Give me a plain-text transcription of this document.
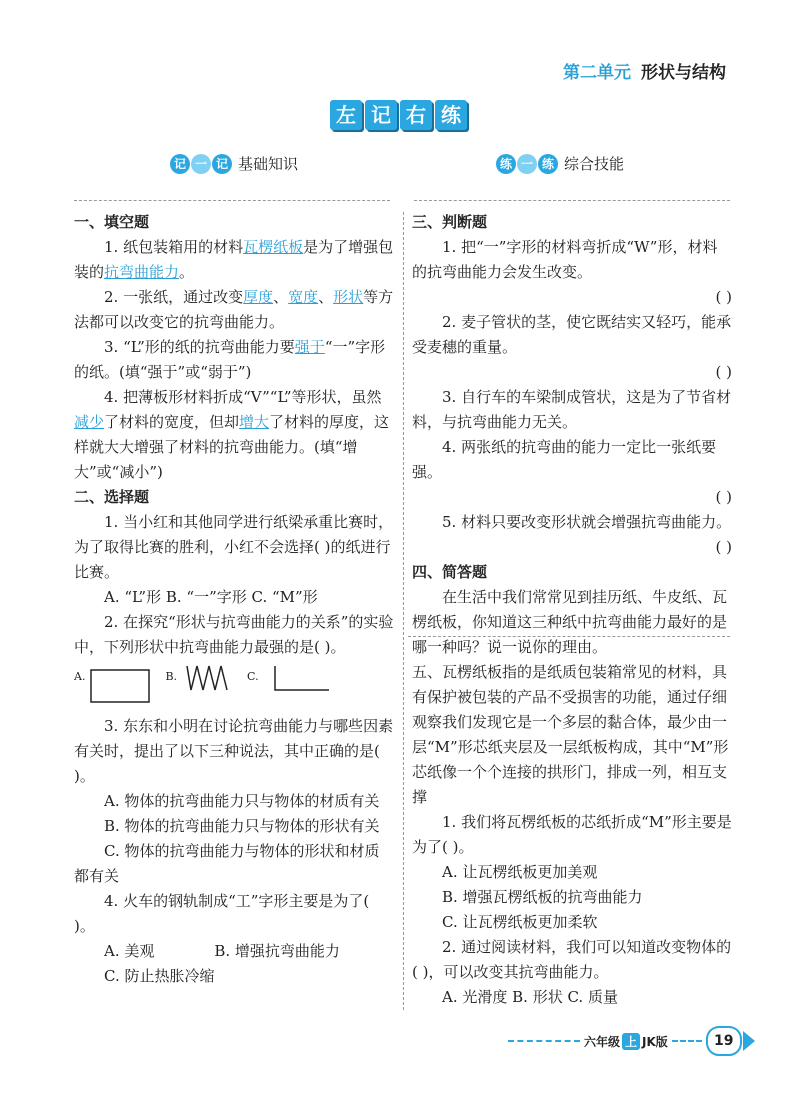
第二单元 形状与结构
左 记 右 练
记 一 记 基础知识	练 一 练 综合技能

一、填空题

1. 纸包装箱用的材料瓦楞纸板是为了增强包装的抗弯曲能力。

2. 一张纸，通过改变厚度、宽度、形状等方法都可以改变它的抗弯曲能力。

3. “L”形的纸的抗弯曲能力要强于“一”字形的纸。(填“强于”或“弱于”)

4. 把薄板形材料折成“V”“L”等形状，虽然减少了材料的宽度，但却增大了材料的厚度，这样就大大增强了材料的抗弯曲能力。(填“增大”或“减小”)

二、选择题

1. 当小红和其他同学进行纸梁承重比赛时，为了取得比赛的胜利，小红不会选择( )的纸进行比赛。

A. “L”形 B. “一”字形 C. “M”形

2. 在探究“形状与抗弯曲能力的关系”的实验中，下列形状中抗弯曲能力最强的是( )。

A.	B.	C.

3. 东东和小明在讨论抗弯曲能力与哪些因素有关时，提出了以下三种说法，其中正确的是( )。

A. 物体的抗弯曲能力只与物体的材质有关

B. 物体的抗弯曲能力只与物体的形状有关

C. 物体的抗弯曲能力与物体的形状和材质都有关

4. 火车的钢轨制成“工”字形主要是为了( )。

A. 美观	B. 增强抗弯曲能力

C. 防止热胀冷缩

三、判断题

1. 把“一”字形的材料弯折成“W”形，材料的抗弯曲能力会发生改变。

( )

2. 麦子管状的茎，使它既结实又轻巧，能承受麦穗的重量。

( )

3. 自行车的车梁制成管状，这是为了节省材料，与抗弯曲能力无关。

4. 两张纸的抗弯曲的能力一定比一张纸要强。

( )

5. 材料只要改变形状就会增强抗弯曲能力。

( )

四、简答题

在生活中我们常常见到挂历纸、牛皮纸、瓦楞纸板，你知道这三种纸中抗弯曲能力最好的是哪一种吗？说一说你的理由。

五、瓦楞纸板指的是纸质包装箱常见的材料，具有保护被包装的产品不受损害的功能，通过仔细观察我们发现它是一个多层的黏合体，最少由一层“M”形芯纸夹层及一层纸板构成，其中“M”形芯纸像一个个连接的拱形门，排成一列，相互支撑

1. 我们将瓦楞纸板的芯纸折成“M”形主要是为了( )。

A. 让瓦楞纸板更加美观

B. 增强瓦楞纸板的抗弯曲能力

C. 让瓦楞纸板更加柔软

2. 通过阅读材料，我们可以知道改变物体的( )，可以改变其抗弯曲能力。

A. 光滑度 B. 形状 C. 质量

六年级 上 JK版	19
